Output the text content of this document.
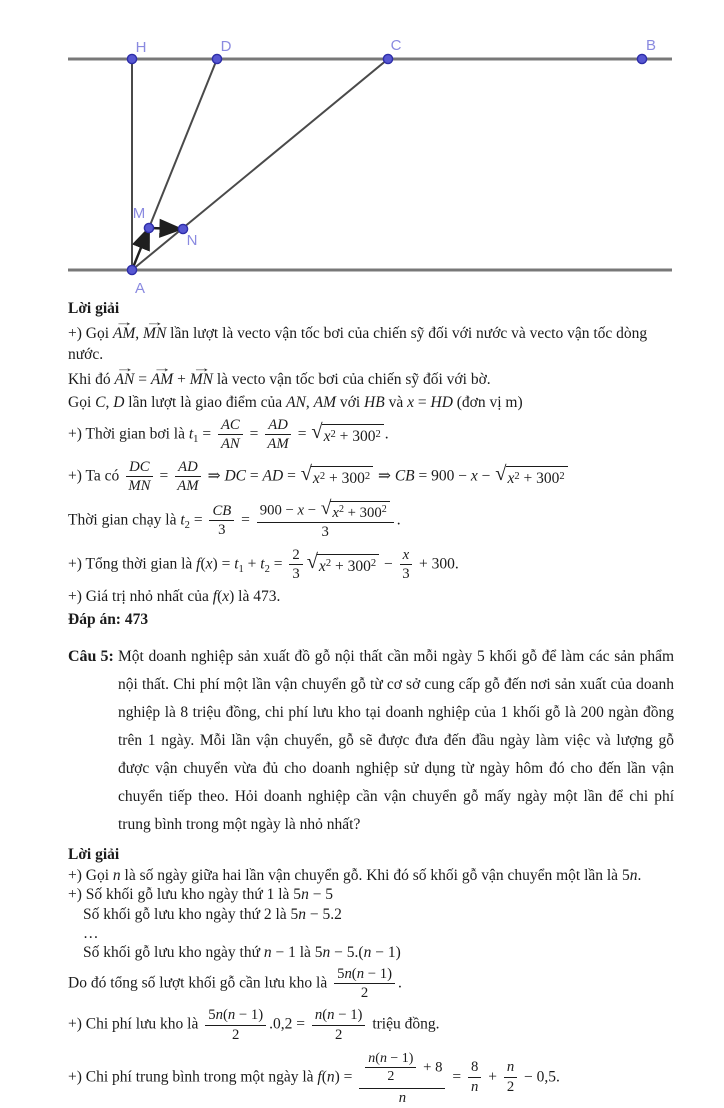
H	D	C	B
A
M
N
Lời giải
+) Gọi → AM, → MN lần lượt là vecto vận tốc bơi của chiến sỹ đối với nước và vecto vận tốc dòng nước.
Khi đó → AN = → AM + → MN là vecto vận tốc bơi của chiến sỹ đối với bờ.
Gọi C, D lần lượt là giao điểm của AN, AM với HB và x = HD (đơn vị m)
+) Thời gian bơi là $t_1 = \frac{AC}{AN} = \frac{AD}{AM}$ = √ $x^2 + 300^2$ .
+) Ta có $\frac{DC}{MN} = \frac{AD}{AM}$ ⇒ DC = AD = √ $x^2 + 300^2$ ⇒ CB = 900 − x − √ $x^2 + 300^2$
Thời gian chạy là $t_2 = \frac{CB}{3} = \frac{900 - x - √ x^2 + 300^2}{3}$ .
+) Tổng thời gian là $f(x) = t_1 + t_2 = \frac{2}{3}$ √ $x^2 + 300^2 - \frac{x}{3} + 300$.
+) Giá trị nhỏ nhất của f(x) là 473.
Đáp án: 473
Câu 5: Một doanh nghiệp sản xuất đồ gỗ nội thất cần mỗi ngày 5 khối gỗ để làm các sản phẩm nội thất. Chi phí một lần vận chuyển gỗ từ cơ sở cung cấp gỗ đến nơi sản xuất của doanh nghiệp là 8 triệu đồng, chi phí lưu kho tại doanh nghiệp của 1 khối gỗ là 200 ngàn đồng trên 1 ngày. Mỗi lần vận chuyển, gỗ sẽ được đưa đến đầu ngày làm việc và lượng gỗ được vận chuyển vừa đủ cho doanh nghiệp sử dụng từ ngày hôm đó cho đến lần vận chuyển tiếp theo. Hỏi doanh nghiệp cần vận chuyển gỗ mấy ngày một lần để chi phí trung bình trong một ngày là nhỏ nhất?
Lời giải
+) Gọi n là số ngày giữa hai lần vận chuyển gỗ. Khi đó số khối gỗ vận chuyển một lần là 5n.
+) Số khối gỗ lưu kho ngày thứ 1 là 5n − 5
Số khối gỗ lưu kho ngày thứ 2 là 5n − 5.2
…
Số khối gỗ lưu kho ngày thứ n − 1 là 5n − 5.(n − 1)
Do đó tổng số lượt khối gỗ cần lưu kho là $\frac{5n(n - 1)}{2}$ .
+) Chi phí lưu kho là $\frac{5n(n - 1)}{2} .0,2 = \frac{n(n - 1)}{2}$ triệu đồng.
+) Chi phí trung bình trong một ngày là $f(n) = \frac{\frac{n(n - 1)}{2} + 8}{n} = \frac{8}{n} + \frac{n}{2} - 0,5$.
